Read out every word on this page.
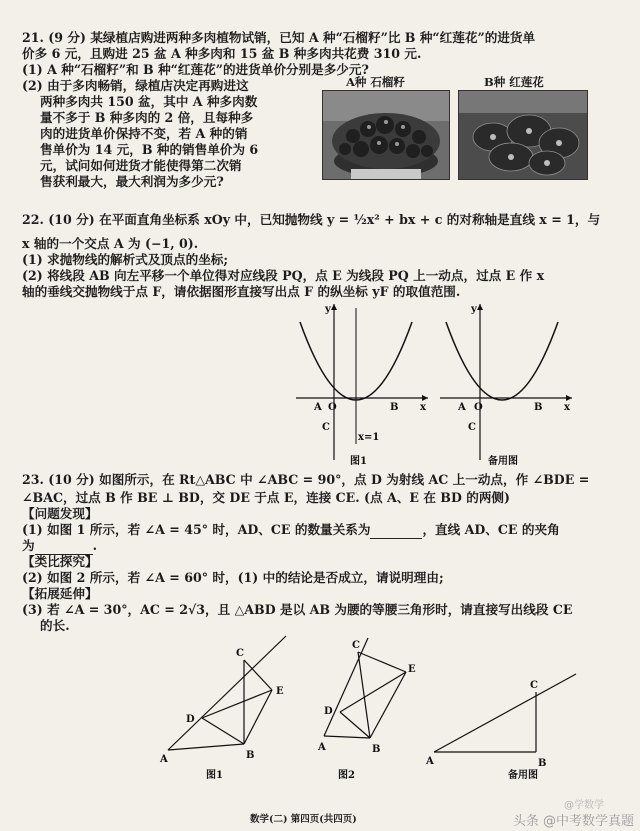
21. (9 分) 某绿植店购进两种多肉植物试销，已知 A 种“石榴籽”比 B 种“红莲花”的进货单
价多 6 元，且购进 25 盆 A 种多肉和 15 盆 B 种多肉共花费 310 元.
(1) A 种“石榴籽”和 B 种“红莲花”的进货单价分别是多少元?
(2) 由于多肉畅销，绿植店决定再购进这
两种多肉共 150 盆，其中 A 种多肉数
量不多于 B 种多肉的 2 倍，且每种多
肉的进货单价保持不变，若 A 种的销
售单价为 14 元，B 种的销售单价为 6
元，试问如何进货才能使得第二次销
售获利最大，最大利润为多少元?
A种 石榴籽	B种 红莲花
22. (10 分) 在平面直角坐标系 xOy 中，已知抛物线 y = ½x² + bx + c 的对称轴是直线 x = 1，与
x 轴的一个交点 A 为 (−1, 0).
(1) 求抛物线的解析式及顶点的坐标;
(2) 将线段 AB 向左平移一个单位得对应线段 PQ，点 E 为线段 PQ 上一动点，过点 E 作 x
轴的垂线交抛物线于点 F，请依据图形直接写出点 F 的纵坐标 yF 的取值范围.
y
x
A O	B
C
x=1
图1
y
x
A O	B
C
备用图
23. (10 分) 如图所示，在 Rt△ABC 中 ∠ABC = 90°，点 D 为射线 AC 上一动点，作 ∠BDE =
∠BAC，过点 B 作 BE ⊥ BD，交 DE 于点 E，连接 CE. (点 A、E 在 BD 的两侧)
【问题发现】
(1) 如图 1 所示，若 ∠A = 45° 时，AD、CE 的数量关系为	，直线 AD、CE 的夹角
为	.
【类比探究】
(2) 如图 2 所示，若 ∠A = 60° 时，(1) 中的结论是否成立，请说明理由;
【拓展延伸】
(3) 若 ∠A = 30°，AC = 2√3，且 △ABD 是以 AB 为腰的等腰三角形时，请直接写出线段 CE
的长.
A	B
C
D
E
图1
A	B
C
D
E
图2
A	B
C
备用图
数学(二) 第四页(共四页)
@学数学
头条 @中考数学真题
